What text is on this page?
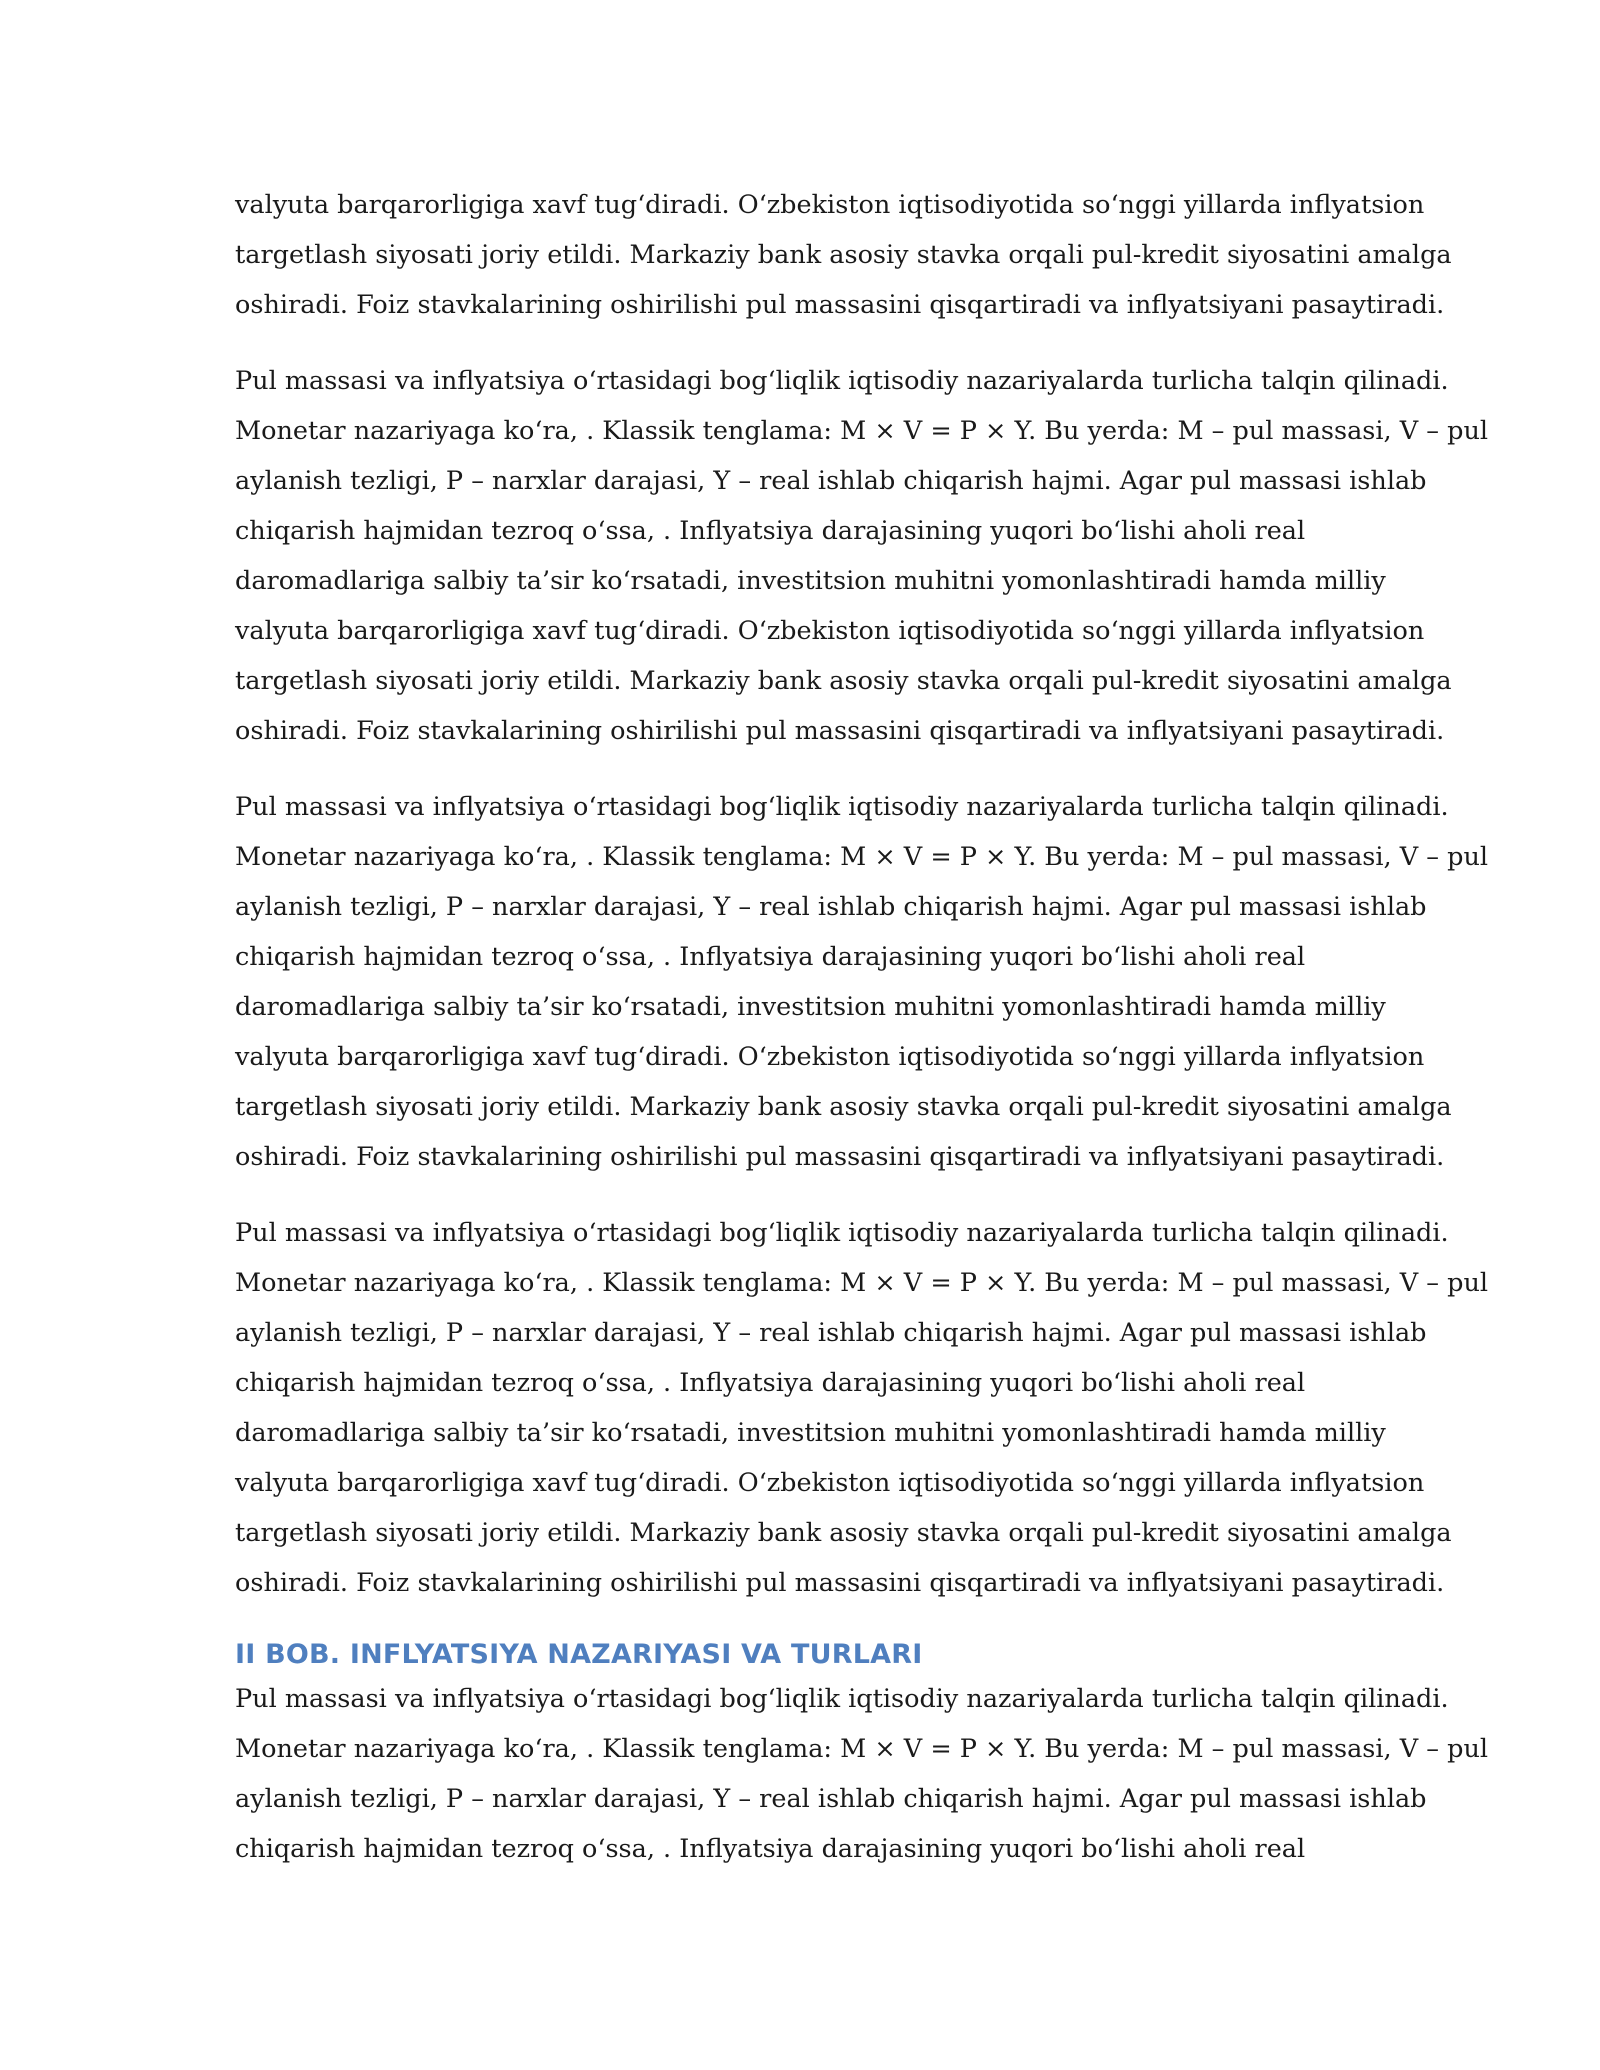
valyuta barqarorligiga xavf tug‘diradi. O‘zbekiston iqtisodiyotida so‘nggi yillarda inflyatsion
targetlash siyosati joriy etildi. Markaziy bank asosiy stavka orqali pul-kredit siyosatini amalga
oshiradi. Foiz stavkalarining oshirilishi pul massasini qisqartiradi va inflyatsiyani pasaytiradi.

Pul massasi va inflyatsiya o‘rtasidagi bog‘liqlik iqtisodiy nazariyalarda turlicha talqin qilinadi.
Monetar nazariyaga ko‘ra, . Klassik tenglama: M × V = P × Y. Bu yerda: M – pul massasi, V – pul
aylanish tezligi, P – narxlar darajasi, Y – real ishlab chiqarish hajmi. Agar pul massasi ishlab
chiqarish hajmidan tezroq o‘ssa, . Inflyatsiya darajasining yuqori bo‘lishi aholi real
daromadlariga salbiy ta’sir ko‘rsatadi, investitsion muhitni yomonlashtiradi hamda milliy
valyuta barqarorligiga xavf tug‘diradi. O‘zbekiston iqtisodiyotida so‘nggi yillarda inflyatsion
targetlash siyosati joriy etildi. Markaziy bank asosiy stavka orqali pul-kredit siyosatini amalga
oshiradi. Foiz stavkalarining oshirilishi pul massasini qisqartiradi va inflyatsiyani pasaytiradi.

Pul massasi va inflyatsiya o‘rtasidagi bog‘liqlik iqtisodiy nazariyalarda turlicha talqin qilinadi.
Monetar nazariyaga ko‘ra, . Klassik tenglama: M × V = P × Y. Bu yerda: M – pul massasi, V – pul
aylanish tezligi, P – narxlar darajasi, Y – real ishlab chiqarish hajmi. Agar pul massasi ishlab
chiqarish hajmidan tezroq o‘ssa, . Inflyatsiya darajasining yuqori bo‘lishi aholi real
daromadlariga salbiy ta’sir ko‘rsatadi, investitsion muhitni yomonlashtiradi hamda milliy
valyuta barqarorligiga xavf tug‘diradi. O‘zbekiston iqtisodiyotida so‘nggi yillarda inflyatsion
targetlash siyosati joriy etildi. Markaziy bank asosiy stavka orqali pul-kredit siyosatini amalga
oshiradi. Foiz stavkalarining oshirilishi pul massasini qisqartiradi va inflyatsiyani pasaytiradi.

Pul massasi va inflyatsiya o‘rtasidagi bog‘liqlik iqtisodiy nazariyalarda turlicha talqin qilinadi.
Monetar nazariyaga ko‘ra, . Klassik tenglama: M × V = P × Y. Bu yerda: M – pul massasi, V – pul
aylanish tezligi, P – narxlar darajasi, Y – real ishlab chiqarish hajmi. Agar pul massasi ishlab
chiqarish hajmidan tezroq o‘ssa, . Inflyatsiya darajasining yuqori bo‘lishi aholi real
daromadlariga salbiy ta’sir ko‘rsatadi, investitsion muhitni yomonlashtiradi hamda milliy
valyuta barqarorligiga xavf tug‘diradi. O‘zbekiston iqtisodiyotida so‘nggi yillarda inflyatsion
targetlash siyosati joriy etildi. Markaziy bank asosiy stavka orqali pul-kredit siyosatini amalga
oshiradi. Foiz stavkalarining oshirilishi pul massasini qisqartiradi va inflyatsiyani pasaytiradi.

II BOB. INFLYATSIYA NAZARIYASI VA TURLARI

Pul massasi va inflyatsiya o‘rtasidagi bog‘liqlik iqtisodiy nazariyalarda turlicha talqin qilinadi.
Monetar nazariyaga ko‘ra, . Klassik tenglama: M × V = P × Y. Bu yerda: M – pul massasi, V – pul
aylanish tezligi, P – narxlar darajasi, Y – real ishlab chiqarish hajmi. Agar pul massasi ishlab
chiqarish hajmidan tezroq o‘ssa, . Inflyatsiya darajasining yuqori bo‘lishi aholi real
